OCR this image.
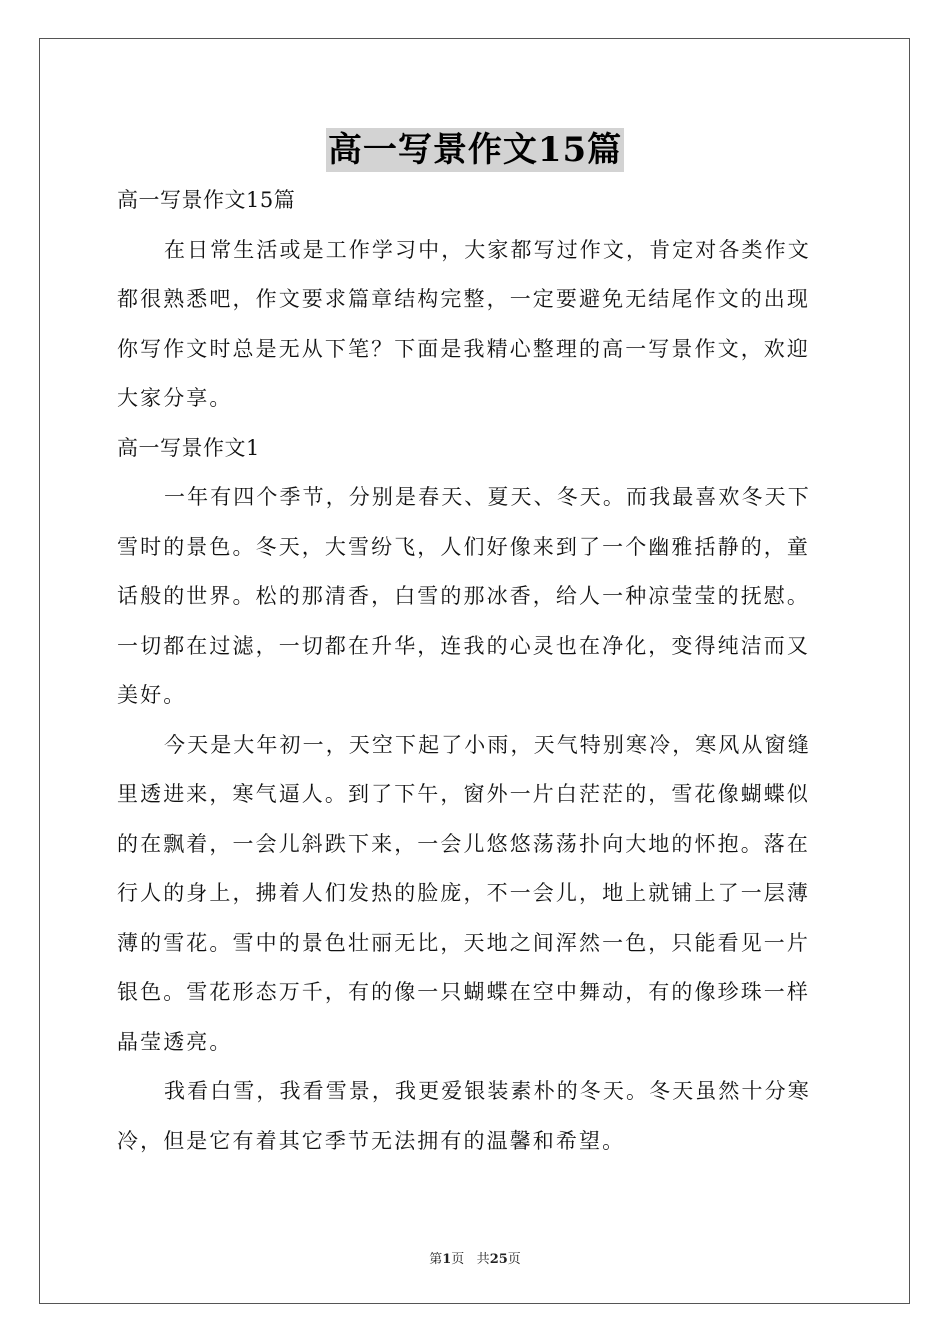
高一写景作文15篇
高一写景作文15篇
在日常生活或是工作学习中，大家都写过作文，肯定对各类作文
都很熟悉吧，作文要求篇章结构完整，一定要避免无结尾作文的出现
你写作文时总是无从下笔？下面是我精心整理的高一写景作文，欢迎
大家分享。
高一写景作文1
一年有四个季节，分别是春天、夏天、冬天。而我最喜欢冬天下
雪时的景色。冬天，大雪纷飞，人们好像来到了一个幽雅括静的，童
话般的世界。松的那清香，白雪的那冰香，给人一种凉莹莹的抚慰。
一切都在过滤，一切都在升华，连我的心灵也在净化，变得纯洁而又
美好。
今天是大年初一，天空下起了小雨，天气特别寒冷，寒风从窗缝
里透进来，寒气逼人。到了下午，窗外一片白茫茫的，雪花像蝴蝶似
的在飘着，一会儿斜跌下来，一会儿悠悠荡荡扑向大地的怀抱。落在
行人的身上，拂着人们发热的脸庞，不一会儿，地上就铺上了一层薄
薄的雪花。雪中的景色壮丽无比，天地之间浑然一色，只能看见一片
银色。雪花形态万千，有的像一只蝴蝶在空中舞动，有的像珍珠一样
晶莹透亮。
我看白雪，我看雪景，我更爱银装素朴的冬天。冬天虽然十分寒
冷，但是它有着其它季节无法拥有的温馨和希望。
第1页 共25页
